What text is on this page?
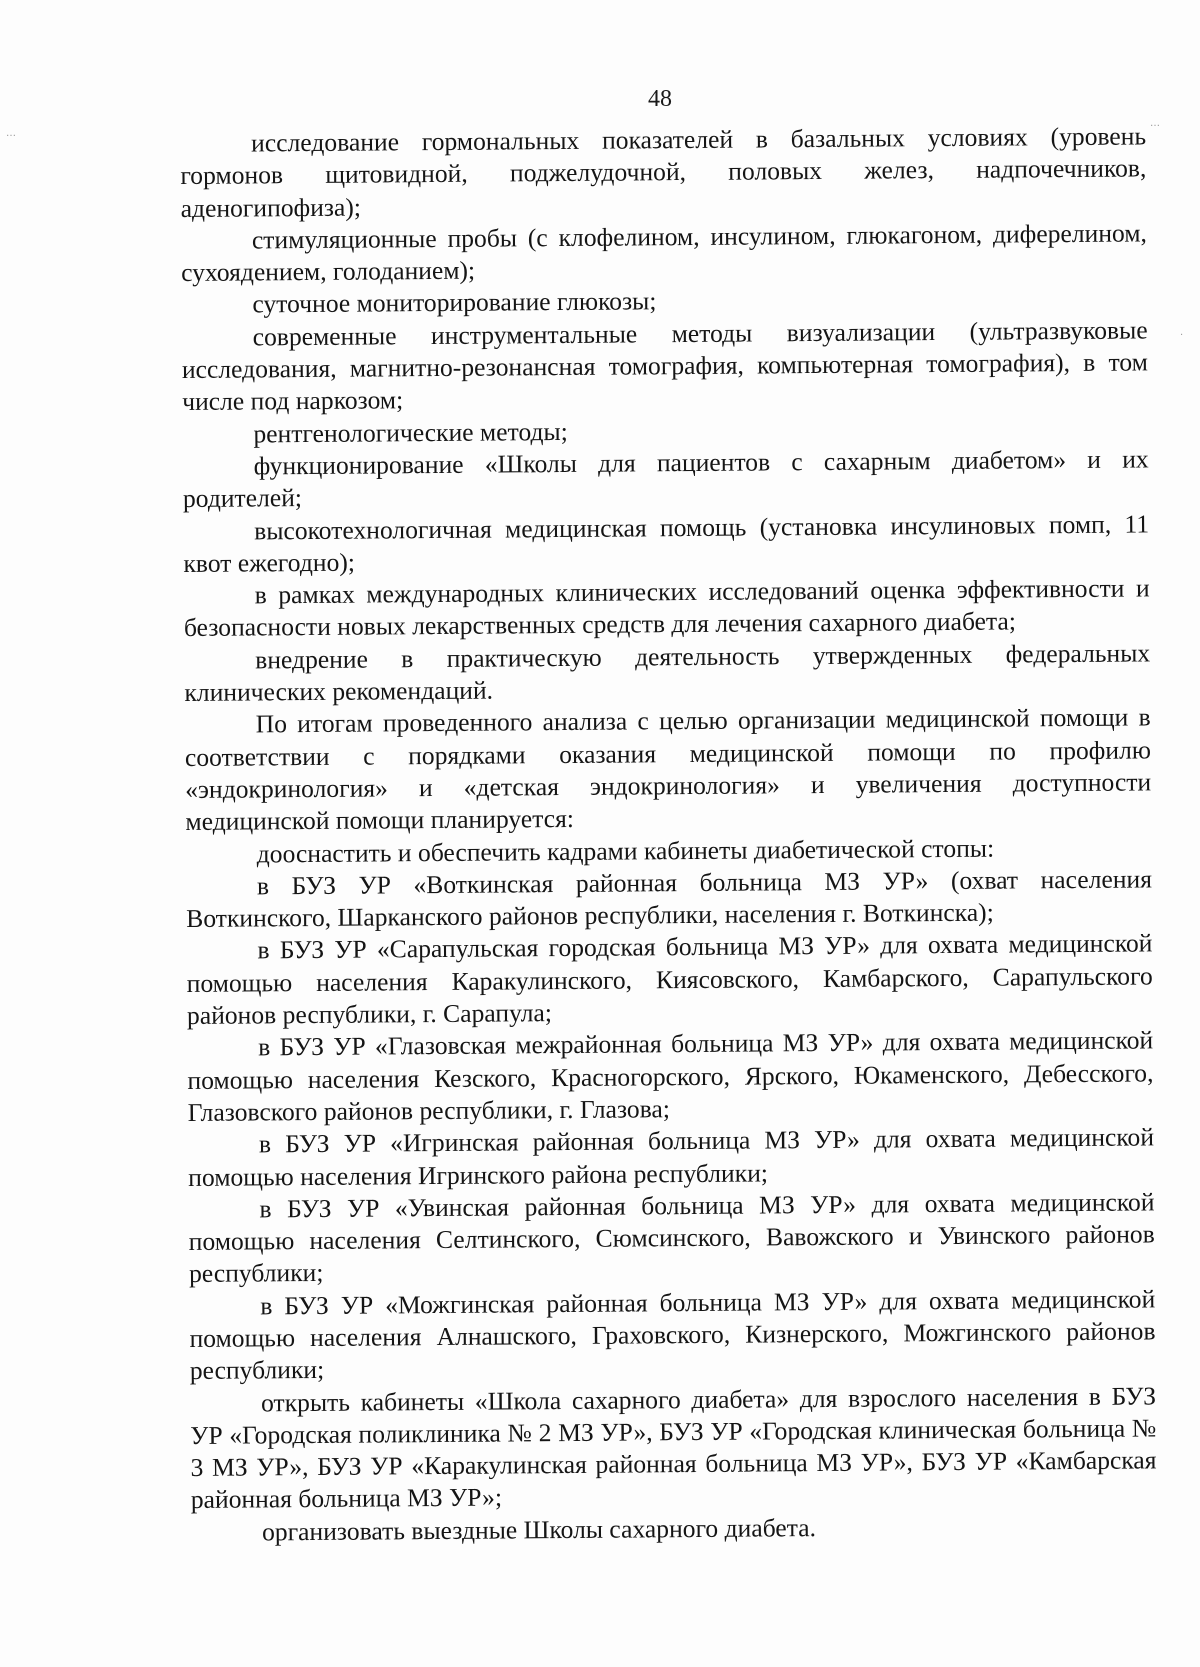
…
…
·
48

исследование гормональных показателей в базальных условиях (уровень гормонов щитовидной, поджелудочной, половых желез, надпочечников, аденогипофиза);

стимуляционные пробы (с клофелином, инсулином, глюкагоном, диферелином, сухоядением, голоданием);

суточное мониторирование глюкозы;

современные инструментальные методы визуализации (ультразвуковые исследования, магнитно-резонансная томография, компьютерная томография), в том числе под наркозом;

рентгенологические методы;

функционирование «Школы для пациентов с сахарным диабетом» и их родителей;

высокотехнологичная медицинская помощь (установка инсулиновых помп, 11 квот ежегодно);

в рамках международных клинических исследований оценка эффективности и безопасности новых лекарственных средств для лечения сахарного диабета;

внедрение в практическую деятельность утвержденных федеральных клинических рекомендаций.

По итогам проведенного анализа с целью организации медицинской помощи в соответствии с порядками оказания медицинской помощи по профилю «эндокринология» и «детская эндокринология» и увеличения доступности медицинской помощи планируется:

дооснастить и обеспечить кадрами кабинеты диабетической стопы:

в БУЗ УР «Воткинская районная больница МЗ УР» (охват населения Воткинского, Шарканского районов республики, населения г. Воткинска);

в БУЗ УР «Сарапульская городская больница МЗ УР» для охвата медицинской помощью населения Каракулинского, Киясовского, Камбарского, Сарапульского районов республики, г. Сарапула;

в БУЗ УР «Глазовская межрайонная больница МЗ УР» для охвата медицинской помощью населения Кезского, Красногорского, Ярского, Юкаменского, Дебесского, Глазовского районов республики, г. Глазова;

в БУЗ УР «Игринская районная больница МЗ УР» для охвата медицинской помощью населения Игринского района республики;

в БУЗ УР «Увинская районная больница МЗ УР» для охвата медицинской помощью населения Селтинского, Сюмсинского, Вавожского и Увинского районов республики;

в БУЗ УР «Можгинская районная больница МЗ УР» для охвата медицинской помощью населения Алнашского, Граховского, Кизнерского, Можгинского районов республики;

открыть кабинеты «Школа сахарного диабета» для взрослого населения в БУЗ УР «Городская поликлиника № 2 МЗ УР», БУЗ УР «Городская клиническая больница № 3 МЗ УР», БУЗ УР «Каракулинская районная больница МЗ УР», БУЗ УР «Камбарская районная больница МЗ УР»;

организовать выездные Школы сахарного диабета.
